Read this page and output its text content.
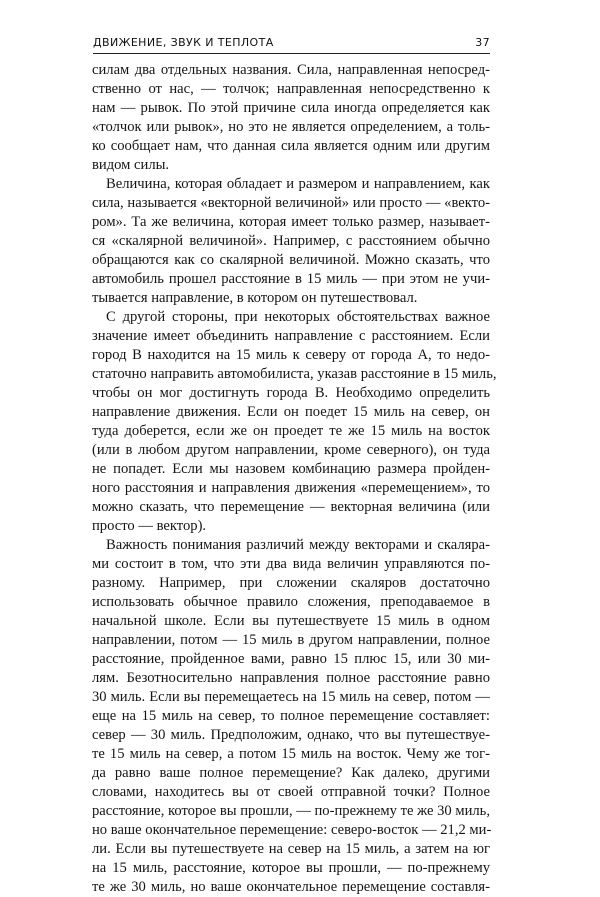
ДВИЖЕНИЕ, ЗВУК И ТЕПЛОТА	37
силам два отдельных названия. Сила, направленная непосред-
ственно от нас, — толчок; направленная непосредственно к
нам — рывок. По этой причине сила иногда определяется как
«толчок или рывок», но это не является определением, а толь-
ко сообщает нам, что данная сила является одним или другим
видом силы.
Величина, которая обладает и размером и направлением, как
сила, называется «векторной величиной» или просто — «векто-
ром». Та же величина, которая имеет только размер, называет-
ся «скалярной величиной». Например, с расстоянием обычно
обращаются как со скалярной величиной. Можно сказать, что
автомобиль прошел расстояние в 15 миль — при этом не учи-
тывается направление, в котором он путешествовал.
С другой стороны, при некоторых обстоятельствах важное
значение имеет объединить направление с расстоянием. Если
город В находится на 15 миль к северу от города А, то недо-
статочно направить автомобилиста, указав расстояние в 15 миль,
чтобы он мог достигнуть города В. Необходимо определить
направление движения. Если он поедет 15 миль на север, он
туда доберется, если же он проедет те же 15 миль на восток
(или в любом другом направлении, кроме северного), он туда
не попадет. Если мы назовем комбинацию размера пройден-
ного расстояния и направления движения «перемещением», то
можно сказать, что перемещение — векторная величина (или
просто — вектор).
Важность понимания различий между векторами и скаляра-
ми состоит в том, что эти два вида величин управляются по-
разному. Например, при сложении скаляров достаточно
использовать обычное правило сложения, преподаваемое в
начальной школе. Если вы путешествуете 15 миль в одном
направлении, потом — 15 миль в другом направлении, полное
расстояние, пройденное вами, равно 15 плюс 15, или 30 ми-
лям. Безотносительно направления полное расстояние равно
30 миль. Если вы перемещаетесь на 15 миль на север, потом —
еще на 15 миль на север, то полное перемещение составляет:
север — 30 миль. Предположим, однако, что вы путешествуе-
те 15 миль на север, а потом 15 миль на восток. Чему же тог-
да равно ваше полное перемещение? Как далеко, другими
словами, находитесь вы от своей отправной точки? Полное
расстояние, которое вы прошли, — по-прежнему те же 30 миль,
но ваше окончательное перемещение: северо-восток — 21,2 ми-
ли. Если вы путешествуете на север на 15 миль, а затем на юг
на 15 миль, расстояние, которое вы прошли, — по-прежнему
те же 30 миль, но ваше окончательное перемещение составля-
